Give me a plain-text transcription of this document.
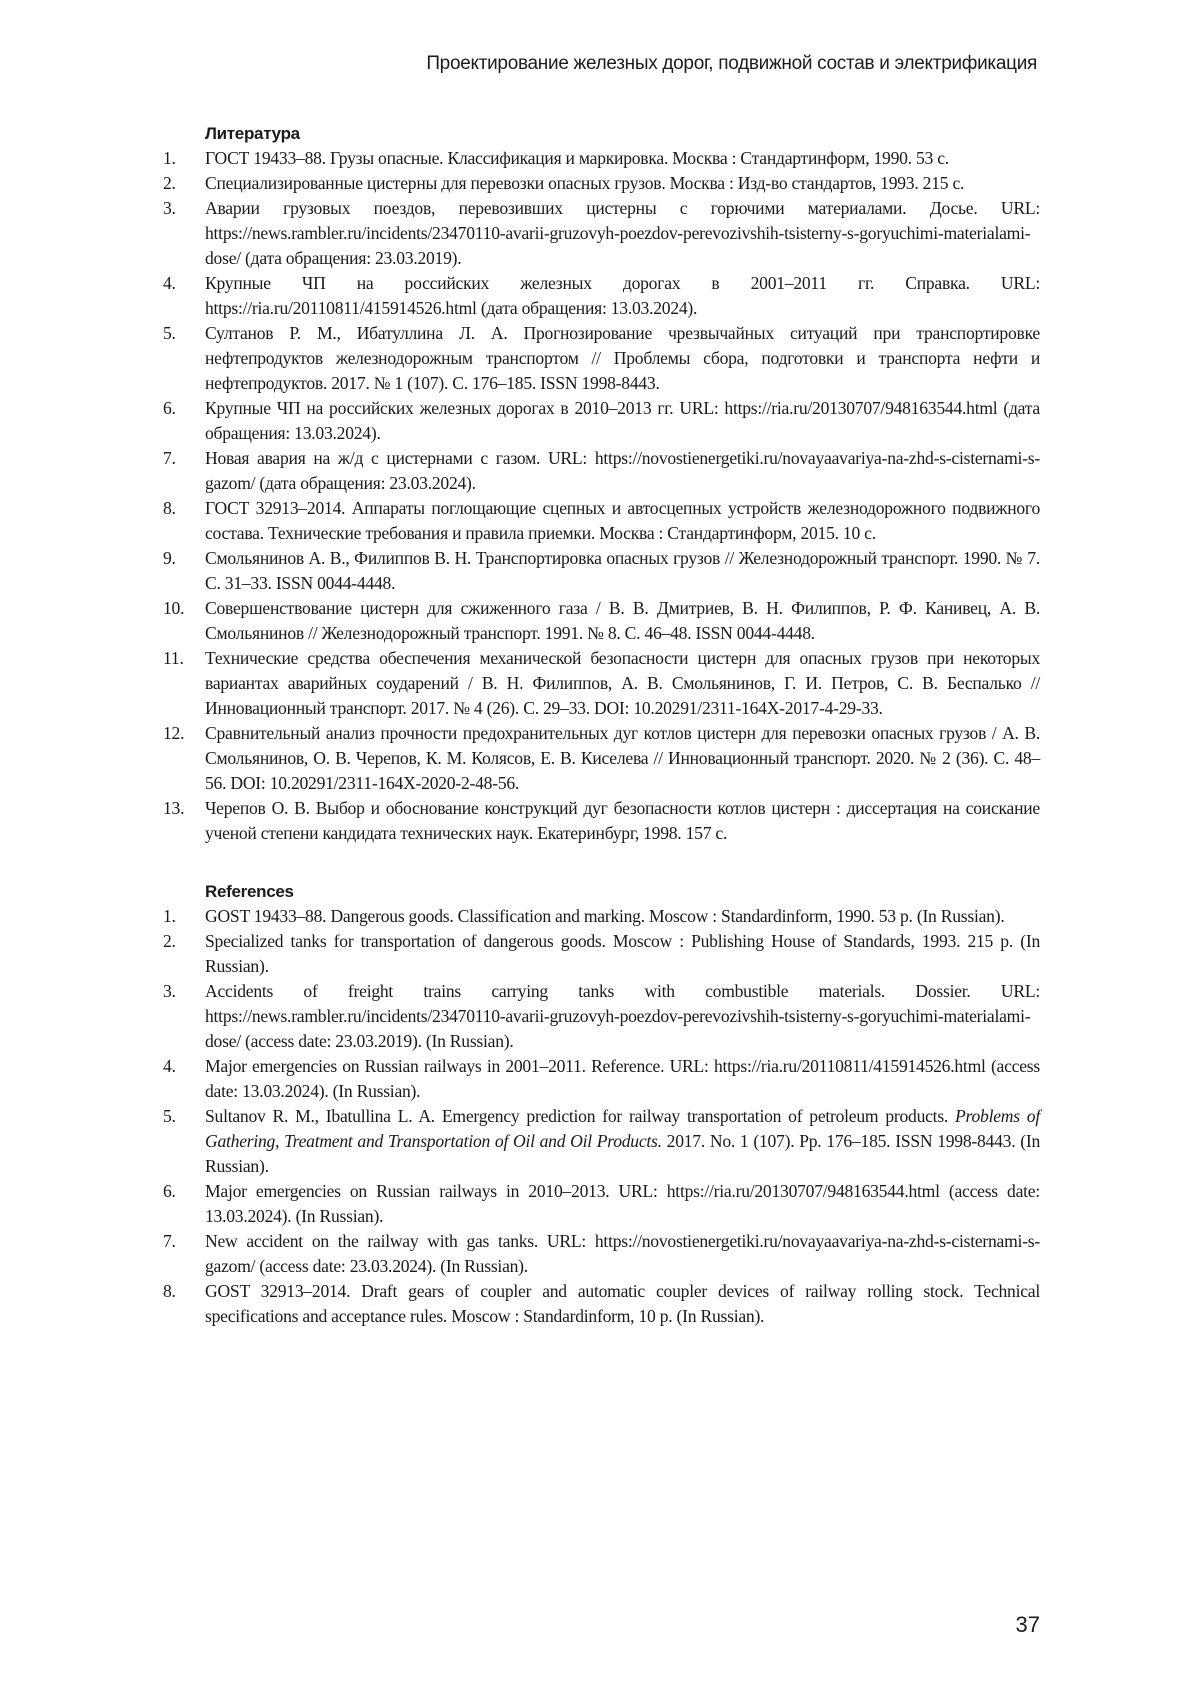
Проектирование железных дорог, подвижной состав и электрификация
Литература
1. ГОСТ 19433–88. Грузы опасные. Классификация и маркировка. Москва : Стандартинформ, 1990. 53 с.
2. Специализированные цистерны для перевозки опасных грузов. Москва : Изд-во стандартов, 1993. 215 с.
3. Аварии грузовых поездов, перевозивших цистерны с горючими материалами. Досье. URL: https://news.rambler.ru/incidents/23470110-avarii-gruzovyh-poezdov-perevozivshih-tsisterny-s-goryuchimi-materialami-dose/ (дата обращения: 23.03.2019).
4. Крупные ЧП на российских железных дорогах в 2001–2011 гг. Справка. URL: https://ria.ru/20110811/415914526.html (дата обращения: 13.03.2024).
5. Султанов Р. М., Ибатуллина Л. А. Прогнозирование чрезвычайных ситуаций при транспортировке нефтепродуктов железнодорожным транспортом // Проблемы сбора, подготовки и транспорта нефти и нефтепродуктов. 2017. № 1 (107). С. 176–185. ISSN 1998-8443.
6. Крупные ЧП на российских железных дорогах в 2010–2013 гг. URL: https://ria.ru/20130707/948163544.html (дата обращения: 13.03.2024).
7. Новая авария на ж/д с цистернами с газом. URL: https://novostienergetiki.ru/novayaavariya-na-zhd-s-cisternami-s-gazom/ (дата обращения: 23.03.2024).
8. ГОСТ 32913–2014. Аппараты поглощающие сцепных и автосцепных устройств железнодорожного подвижного состава. Технические требования и правила приемки. Москва : Стандартинформ, 2015. 10 с.
9. Смольянинов А. В., Филиппов В. Н. Транспортировка опасных грузов // Железнодорожный транспорт. 1990. № 7. С. 31–33. ISSN 0044-4448.
10. Совершенствование цистерн для сжиженного газа / В. В. Дмитриев, В. Н. Филиппов, Р. Ф. Канивец, А. В. Смольянинов // Железнодорожный транспорт. 1991. № 8. С. 46–48. ISSN 0044-4448.
11. Технические средства обеспечения механической безопасности цистерн для опасных грузов при некоторых вариантах аварийных соударений / В. Н. Филиппов, А. В. Смольянинов, Г. И. Петров, С. В. Беспалько // Инновационный транспорт. 2017. № 4 (26). С. 29–33. DOI: 10.20291/2311-164X-2017-4-29-33.
12. Сравнительный анализ прочности предохранительных дуг котлов цистерн для перевозки опасных грузов / А. В. Смольянинов, О. В. Черепов, К. М. Колясов, Е. В. Киселева // Инновационный транспорт. 2020. № 2 (36). С. 48–56. DOI: 10.20291/2311-164X-2020-2-48-56.
13. Черепов О. В. Выбор и обоснование конструкций дуг безопасности котлов цистерн : диссертация на соискание ученой степени кандидата технических наук. Екатеринбург, 1998. 157 с.
References
1. GOST 19433–88. Dangerous goods. Classification and marking. Moscow : Standardinform, 1990. 53 p. (In Russian).
2. Specialized tanks for transportation of dangerous goods. Moscow : Publishing House of Standards, 1993. 215 p. (In Russian).
3. Accidents of freight trains carrying tanks with combustible materials. Dossier. URL: https://news.rambler.ru/incidents/23470110-avarii-gruzovyh-poezdov-perevozivshih-tsisterny-s-goryuchimi-materialami-dose/ (access date: 23.03.2019). (In Russian).
4. Major emergencies on Russian railways in 2001–2011. Reference. URL: https://ria.ru/20110811/415914526.html (access date: 13.03.2024). (In Russian).
5. Sultanov R. M., Ibatullina L. A. Emergency prediction for railway transportation of petroleum products. Problems of Gathering, Treatment and Transportation of Oil and Oil Products. 2017. No. 1 (107). Pp. 176–185. ISSN 1998-8443. (In Russian).
6. Major emergencies on Russian railways in 2010–2013. URL: https://ria.ru/20130707/948163544.html (access date: 13.03.2024). (In Russian).
7. New accident on the railway with gas tanks. URL: https://novostienergetiki.ru/novayaavariya-na-zhd-s-cisternami-s-gazom/ (access date: 23.03.2024). (In Russian).
8. GOST 32913–2014. Draft gears of coupler and automatic coupler devices of railway rolling stock. Technical specifications and acceptance rules. Moscow : Standardinform, 10 p. (In Russian).
37
